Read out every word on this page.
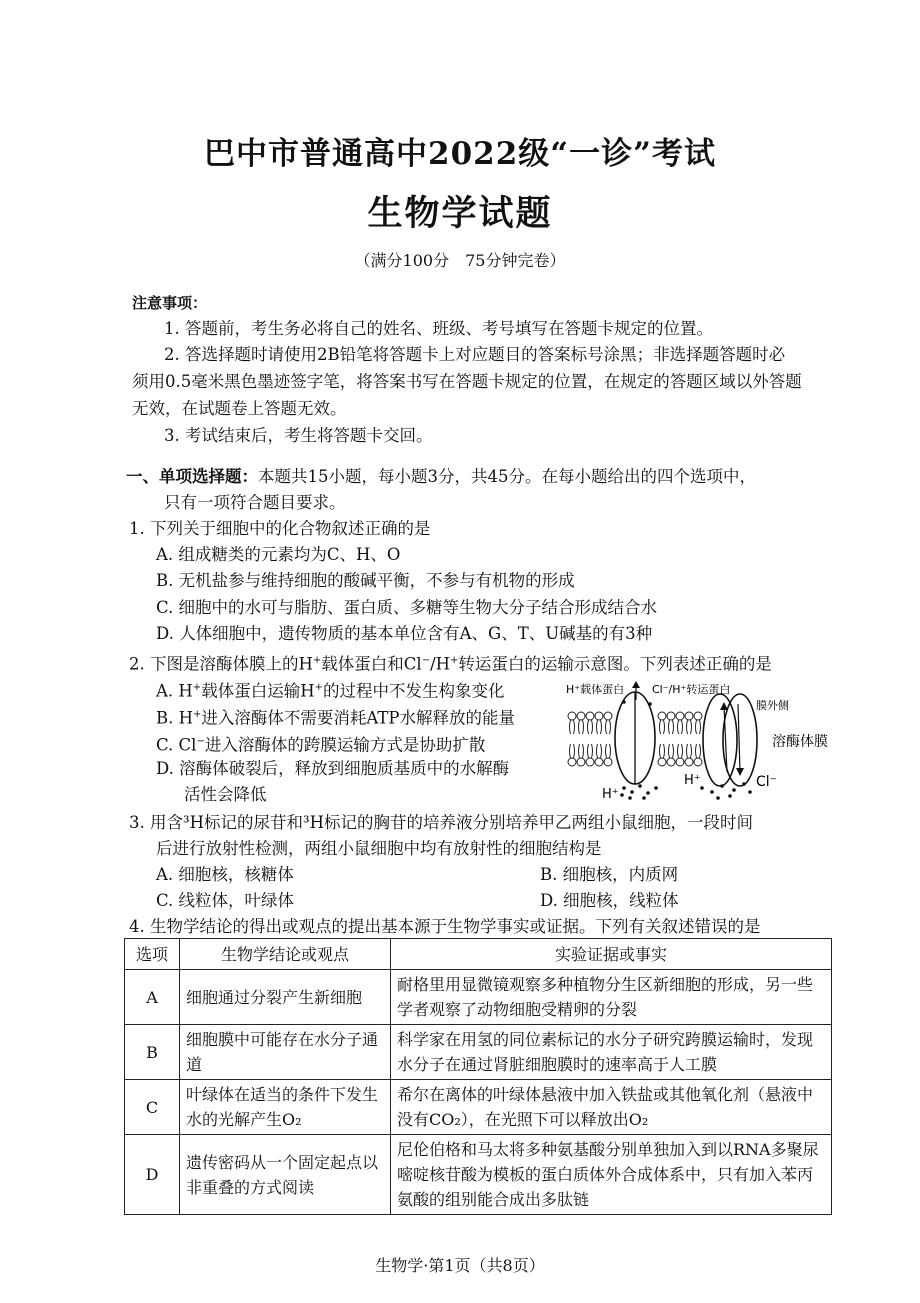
巴中市普通高中2022级“一诊”考试
生物学试题
（满分100分　75分钟完卷）
注意事项：
1. 答题前，考生务必将自己的姓名、班级、考号填写在答题卡规定的位置。
2. 答选择题时请使用2B铅笔将答题卡上对应题目的答案标号涂黑；非选择题答题时必
须用0.5毫米黑色墨迹签字笔，将答案书写在答题卡规定的位置，在规定的答题区域以外答题
无效，在试题卷上答题无效。
3. 考试结束后，考生将答题卡交回。
一、单项选择题：本题共15小题，每小题3分，共45分。在每小题给出的四个选项中，
只有一项符合题目要求。
1. 下列关于细胞中的化合物叙述正确的是
A. 组成糖类的元素均为C、H、O
B. 无机盐参与维持细胞的酸碱平衡，不参与有机物的形成
C. 细胞中的水可与脂肪、蛋白质、多糖等生物大分子结合形成结合水
D. 人体细胞中，遗传物质的基本单位含有A、G、T、U碱基的有3种
2. 下图是溶酶体膜上的H+载体蛋白和Cl−/H+转运蛋白的运输示意图。下列表述正确的是
A. H+载体蛋白运输H+的过程中不发生构象变化
B. H+进入溶酶体不需要消耗ATP水解释放的能量
C. Cl−进入溶酶体的跨膜运输方式是协助扩散
D. 溶酶体破裂后，释放到细胞质基质中的水解酶
活性会降低
H⁺载体蛋白	Cl⁻/H⁺转运蛋白
膜外侧
溶酶体膜
H⁺
H⁺	Cl⁻
3. 用含³H标记的尿苷和³H标记的胸苷的培养液分别培养甲乙两组小鼠细胞，一段时间
后进行放射性检测，两组小鼠细胞中均有放射性的细胞结构是
A. 细胞核，核糖体	B. 细胞核，内质网
C. 线粒体，叶绿体	D. 细胞核，线粒体
4. 生物学结论的得出或观点的提出基本源于生物学事实或证据。下列有关叙述错误的是
选项	生物学结论或观点	实验证据或事实
A	细胞通过分裂产生新细胞	耐格里用显微镜观察多种植物分生区新细胞的形成，另一些学者观察了动物细胞受精卵的分裂
B	细胞膜中可能存在水分子通道	科学家在用氢的同位素标记的水分子研究跨膜运输时，发现水分子在通过肾脏细胞膜时的速率高于人工膜
C	叶绿体在适当的条件下发生水的光解产生O₂	希尔在离体的叶绿体悬液中加入铁盐或其他氧化剂（悬液中没有CO₂），在光照下可以释放出O₂
D	遗传密码从一个固定起点以非重叠的方式阅读	尼伦伯格和马太将多种氨基酸分别单独加入到以RNA多聚尿嘧啶核苷酸为模板的蛋白质体外合成体系中，只有加入苯丙氨酸的组别能合成出多肽链
生物学·第1页（共8页）
